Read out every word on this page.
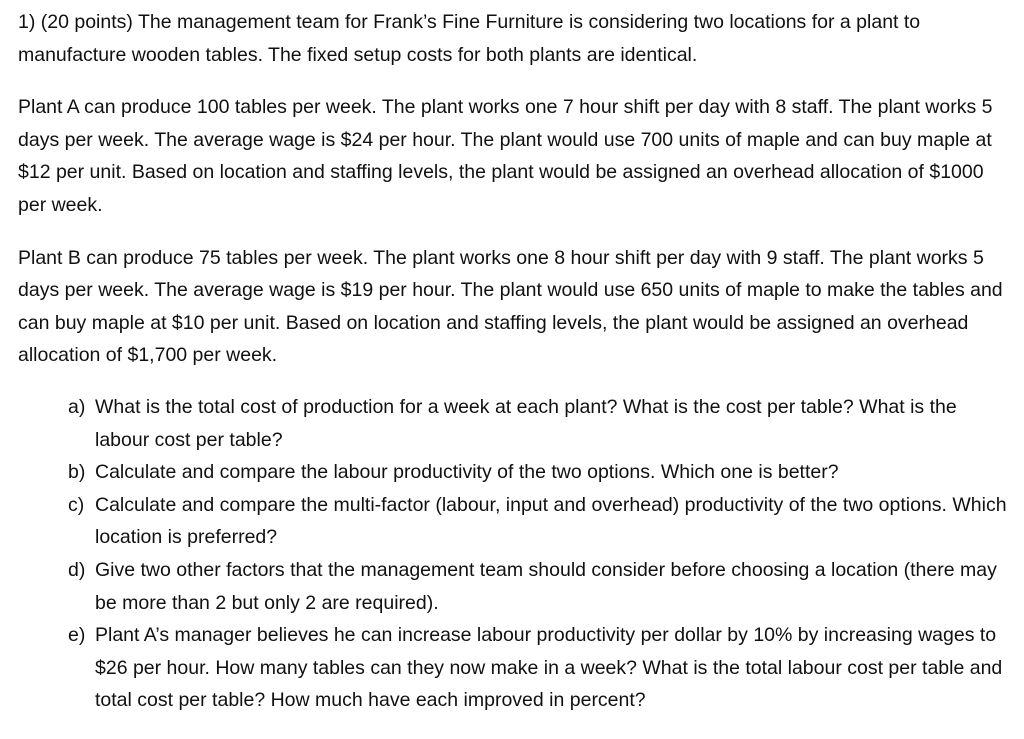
1) (20 points) The management team for Frank’s Fine Furniture is considering two locations for a plant to manufacture wooden tables. The fixed setup costs for both plants are identical.

Plant A can produce 100 tables per week. The plant works one 7 hour shift per day with 8 staff. The plant works 5 days per week. The average wage is $24 per hour. The plant would use 700 units of maple and can buy maple at $12 per unit. Based on location and staffing levels, the plant would be assigned an overhead allocation of $1000 per week.

Plant B can produce 75 tables per week. The plant works one 8 hour shift per day with 9 staff. The plant works 5 days per week. The average wage is $19 per hour. The plant would use 650 units of maple to make the tables and can buy maple at $10 per unit. Based on location and staffing levels, the plant would be assigned an overhead allocation of $1,700 per week.

a) What is the total cost of production for a week at each plant? What is the cost per table? What is the labour cost per table?
b) Calculate and compare the labour productivity of the two options. Which one is better?
c) Calculate and compare the multi-factor (labour, input and overhead) productivity of the two options. Which location is preferred?
d) Give two other factors that the management team should consider before choosing a location (there may be more than 2 but only 2 are required).
e) Plant A’s manager believes he can increase labour productivity per dollar by 10% by increasing wages to $26 per hour. How many tables can they now make in a week? What is the total labour cost per table and total cost per table? How much have each improved in percent?
